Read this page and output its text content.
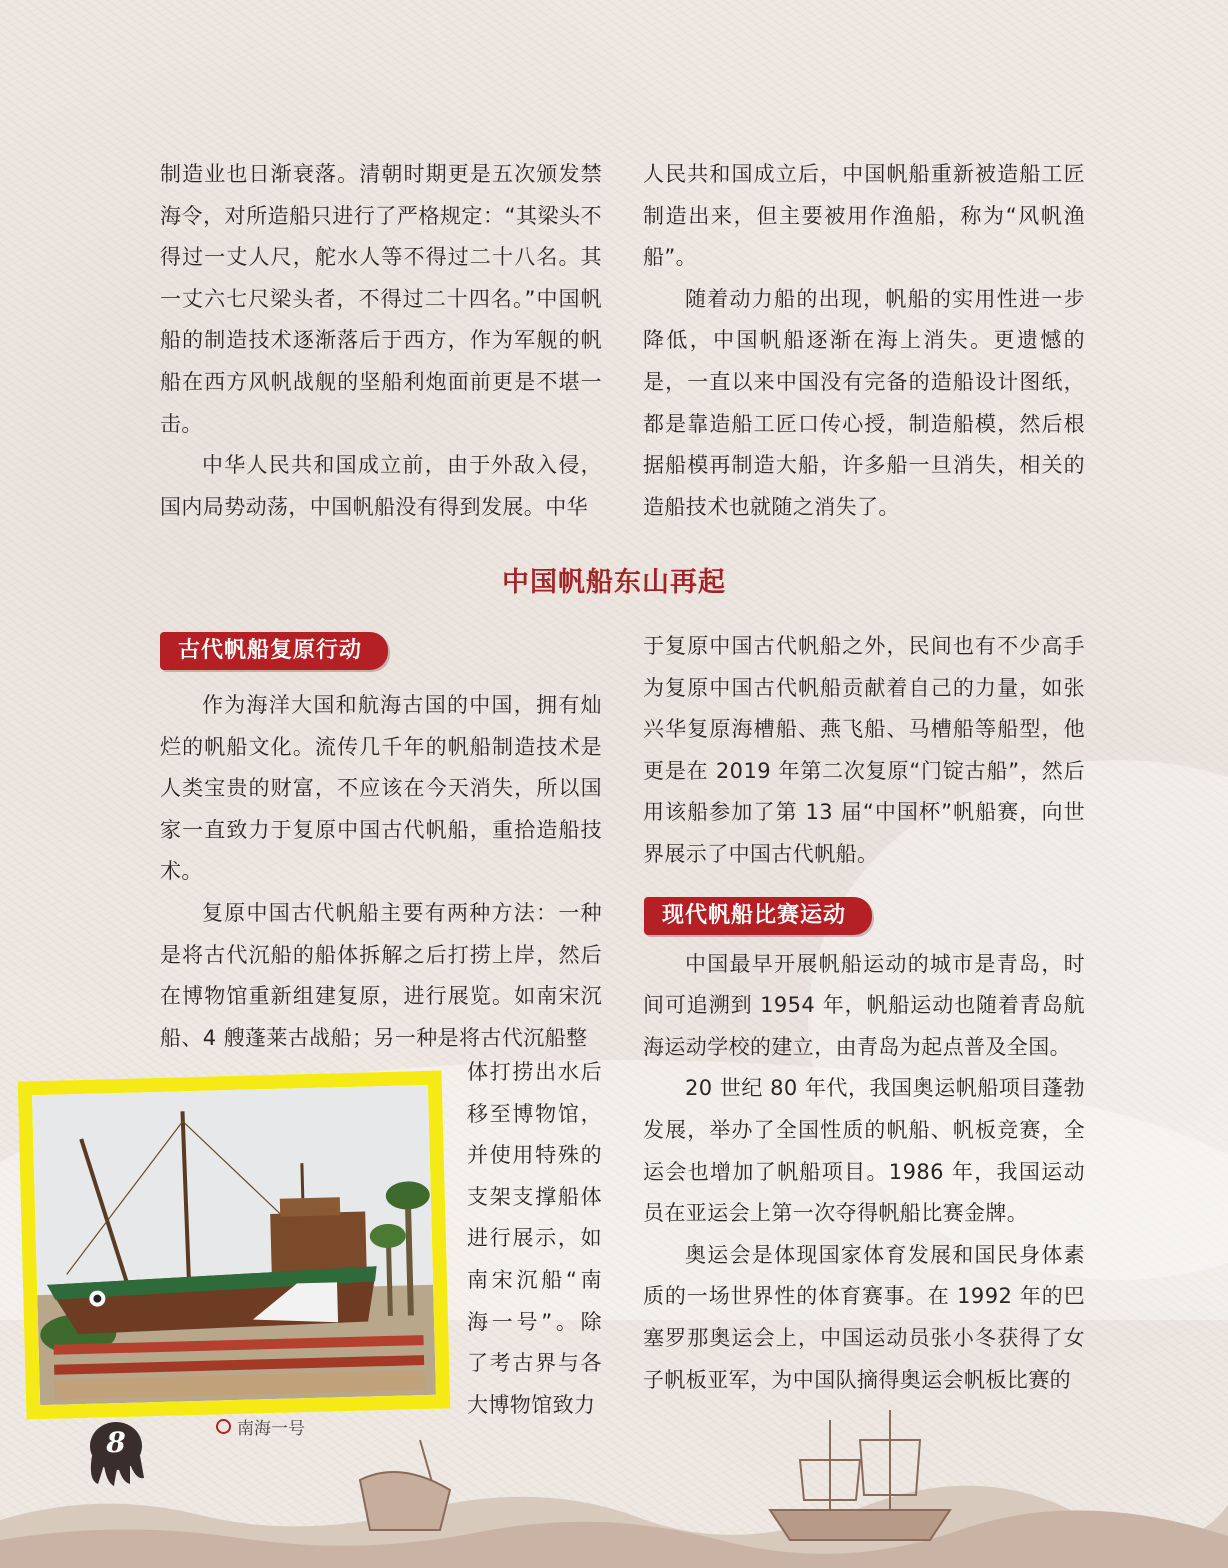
制造业也日渐衰落。清朝时期更是五次颁发禁海令，对所造船只进行了严格规定：“其梁头不得过一丈人尺，舵水人等不得过二十八名。其一丈六七尺梁头者，不得过二十四名。”中国帆船的制造技术逐渐落后于西方，作为军舰的帆船在西方风帆战舰的坚船利炮面前更是不堪一击。

中华人民共和国成立前，由于外敌入侵，国内局势动荡，中国帆船没有得到发展。中华

人民共和国成立后，中国帆船重新被造船工匠制造出来，但主要被用作渔船，称为“风帆渔船”。

随着动力船的出现，帆船的实用性进一步降低，中国帆船逐渐在海上消失。更遗憾的是，一直以来中国没有完备的造船设计图纸，都是靠造船工匠口传心授，制造船模，然后根据船模再制造大船，许多船一旦消失，相关的造船技术也就随之消失了。

中国帆船东山再起
古代帆船复原行动
现代帆船比赛运动

作为海洋大国和航海古国的中国，拥有灿烂的帆船文化。流传几千年的帆船制造技术是人类宝贵的财富，不应该在今天消失，所以国家一直致力于复原中国古代帆船，重拾造船技术。

复原中国古代帆船主要有两种方法：一种是将古代沉船的船体拆解之后打捞上岸，然后在博物馆重新组建复原，进行展览。如南宋沉船、4 艘蓬莱古战船；另一种是将古代沉船整

体打捞出水后移至博物馆，并使用特殊的支架支撑船体进行展示，如南宋沉船“南海一号”。除了考古界与各大博物馆致力

于复原中国古代帆船之外，民间也有不少高手为复原中国古代帆船贡献着自己的力量，如张兴华复原海槽船、燕飞船、马槽船等船型，他更是在 2019 年第二次复原“门锭古船”，然后用该船参加了第 13 届“中国杯”帆船赛，向世界展示了中国古代帆船。

中国最早开展帆船运动的城市是青岛，时间可追溯到 1954 年，帆船运动也随着青岛航海运动学校的建立，由青岛为起点普及全国。

20 世纪 80 年代，我国奥运帆船项目蓬勃发展，举办了全国性质的帆船、帆板竞赛，全运会也增加了帆船项目。1986 年，我国运动员在亚运会上第一次夺得帆船比赛金牌。

奥运会是体现国家体育发展和国民身体素质的一场世界性的体育赛事。在 1992 年的巴塞罗那奥运会上，中国运动员张小冬获得了女子帆板亚军，为中国队摘得奥运会帆板比赛的

南海一号
8
